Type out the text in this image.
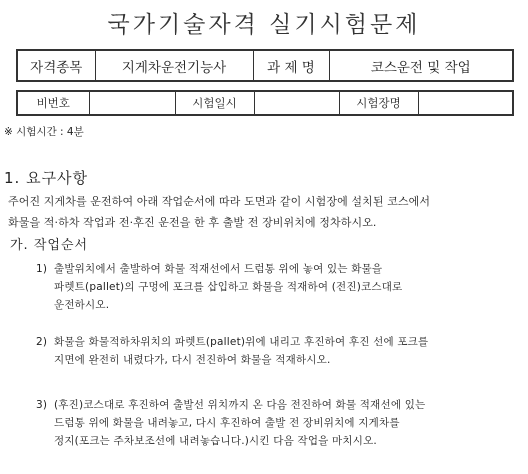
국가기술자격 실기시험문제
자격종목	지게차운전기능사	과 제 명	코스운전 및 작업
비번호		시험일시		시험장명	
※ 시험시간 : 4분
1. 요구사항
주어진 지게차를 운전하여 아래 작업순서에 따라 도면과 같이 시험장에 설치된 코스에서
화물을 적·하차 작업과 전·후진 운전을 한 후 출발 전 장비위치에 정차하시오.
가. 작업순서
1) 출발위치에서 출발하여 화물 적재선에서 드럼통 위에 놓여 있는 화물을
파렛트(pallet)의 구멍에 포크를 삽입하고 화물을 적재하여 (전진)코스대로
운전하시오.
2) 화물을 화물적하차위치의 파렛트(pallet)위에 내리고 후진하여 후진 선에 포크를
지면에 완전히 내렸다가, 다시 전진하여 화물을 적재하시오.
3) (후진)코스대로 후진하여 출발선 위치까지 온 다음 전진하여 화물 적재선에 있는
드럼통 위에 화물을 내려놓고, 다시 후진하여 출발 전 장비위치에 지게차를
정지(포크는 주차보조선에 내려놓습니다.)시킨 다음 작업을 마치시오.
